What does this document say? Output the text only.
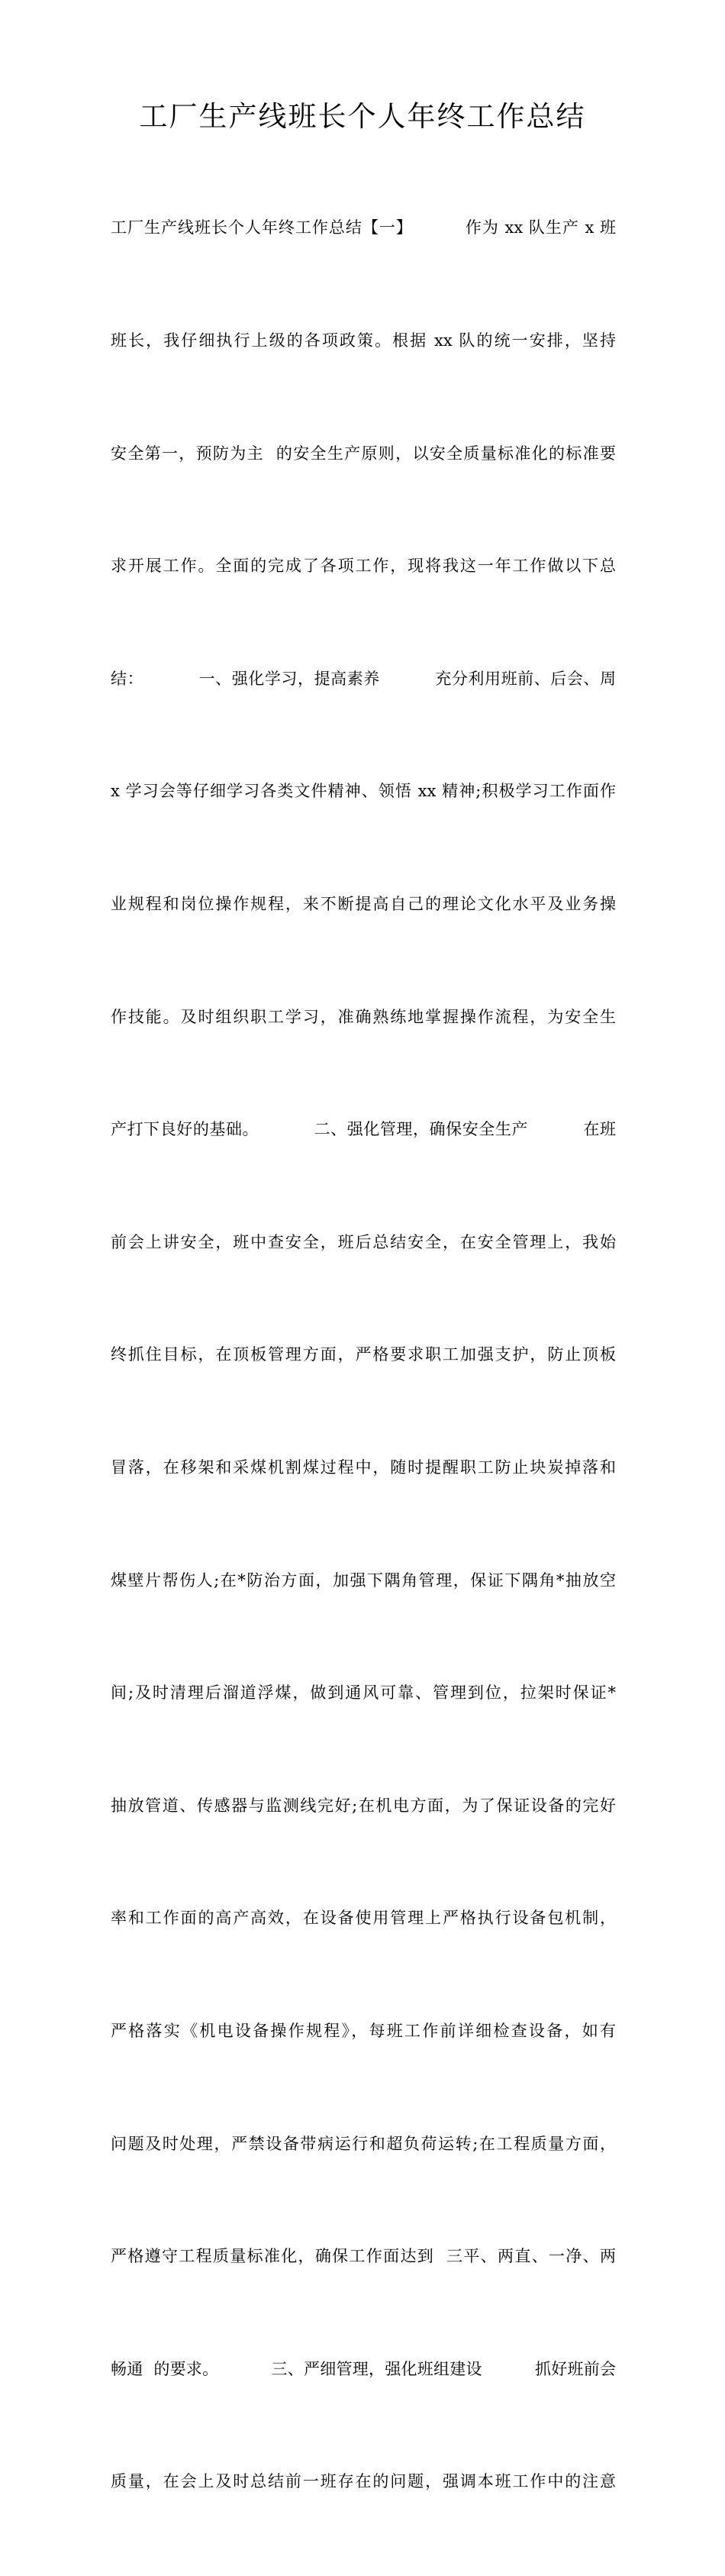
工厂生产线班长个人年终工作总结

工厂生产线班长个人年终工作总结【一】         作为 xx 队生产 x 班

班长，我仔细执行上级的各项政策。根据 xx 队的统一安排，坚持

安全第一，预防为主  的安全生产原则，以安全质量标准化的标准要

求开展工作。全面的完成了各项工作，现将我这一年工作做以下总

结：          一、强化学习，提高素养          充分利用班前、后会、周

x 学习会等仔细学习各类文件精神、领悟 xx 精神;积极学习工作面作

业规程和岗位操作规程，来不断提高自己的理论文化水平及业务操

作技能。及时组织职工学习，准确熟练地掌握操作流程，为安全生

产打下良好的基础。          二、强化管理，确保安全生产          在班

前会上讲安全，班中查安全，班后总结安全，在安全管理上，我始

终抓住目标，在顶板管理方面，严格要求职工加强支护，防止顶板

冒落，在移架和采煤机割煤过程中，随时提醒职工防止块炭掉落和

煤壁片帮伤人;在*防治方面，加强下隅角管理，保证下隅角*抽放空

间;及时清理后溜道浮煤，做到通风可靠、管理到位，拉架时保证*

抽放管道、传感器与监测线完好;在机电方面，为了保证设备的完好

率和工作面的高产高效，在设备使用管理上严格执行设备包机制，

严格落实《机电设备操作规程》，每班工作前详细检查设备，如有

问题及时处理，严禁设备带病运行和超负荷运转;在工程质量方面，

严格遵守工程质量标准化，确保工作面达到  三平、两直、一净、两

畅通  的要求。          三、严细管理，强化班组建设          抓好班前会

质量，在会上及时总结前一班存在的问题，强调本班工作中的注意
